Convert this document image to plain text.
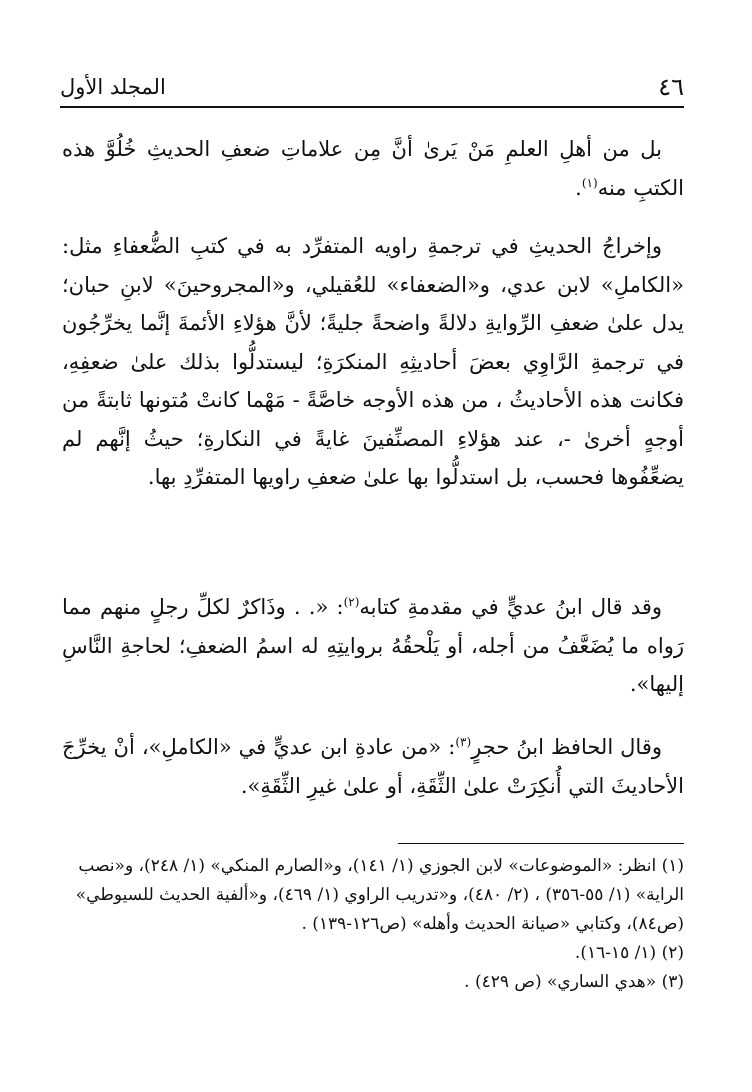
٤٦
المجلد الأول

بل من أهلِ العلمِ مَنْ يَرىٰ أنَّ مِن علاماتِ ضعفِ الحديثِ خُلُوَّ هذه الكتبِ منه$^{(١)}$.

وإخراجُ الحديثِ في ترجمةِ راويه المتفرِّد به في كتبِ الضُّعفاءِ مثل: «الكاملِ» لابن عدي، و«الضعفاء» للعُقيلي، و«المجروحينَ» لابنِ حبان؛ يدل علىٰ ضعفِ الرِّوايةِ دلالةً واضحةً جليةً؛ لأنَّ هؤلاءِ الأئمةَ إنَّما يخرِّجُون في ترجمةِ الرَّاوِي بعضَ أحاديثِهِ المنكرَةِ؛ ليستدلُّوا بذلك علىٰ ضعفِهِ، فكانت هذه الأحاديثُ ، من هذه الأوجه خاصَّةً - مَهْما كانتْ مُتونها ثابتةً من أوجهٍ أخرىٰ -، عند هؤلاءِ المصنِّفينَ غايةً في النكارةِ؛ حيثُ إنَّهم لم يضعِّفُوها فحسب، بل استدلُّوا بها علىٰ ضعفِ راويها المتفرِّدِ بها.

وقد قال ابنُ عديٍّ في مقدمةِ كتابه$^{(٢)}$: «. . وذَاكرٌ لكلِّ رجلٍ منهم مما رَواه ما يُضَعَّفُ من أجله، أو يَلْحقُهُ بروايتِهِ له اسمُ الضعفِ؛ لحاجةِ النَّاسِ إليها».

وقال الحافظ ابنُ حجرٍ$^{(٣)}$: «من عادةِ ابن عديٍّ في «الكاملِ»، أنْ يخرِّجَ الأحاديثَ التي أُنكِرَتْ علىٰ الثِّقَةِ، أو علىٰ غيرِ الثِّقَةِ».

(١) انظر: «الموضوعات» لابن الجوزي (١/ ١٤١)، و«الصارم المنكي» (١/ ٢٤٨)، و«نصب الراية» (١/ ٥٥-٣٥٦) ، (٢/ ٤٨٠)، و«تدريب الراوي (١/ ٤٦٩)، و«ألفية الحديث للسيوطي» (ص٨٤)، وكتابي «صيانة الحديث وأهله» (ص١٢٦-١٣٩) .
(٢) (١/ ١٥-١٦).
(٣) «هدي الساري» (ص ٤٢٩) .
